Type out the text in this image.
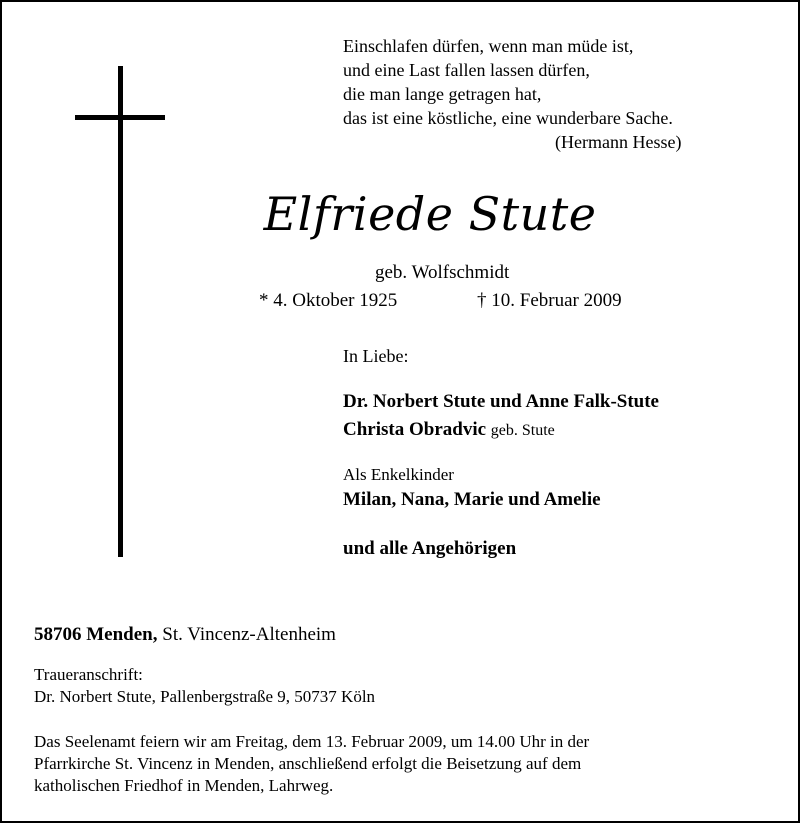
Einschlafen dürfen, wenn man müde ist,
und eine Last fallen lassen dürfen,
die man lange getragen hat,
das ist eine köstliche, eine wunderbare Sache.
(Hermann Hesse)
Elfriede Stute
geb. Wolfschmidt
* 4. Oktober 1925	† 10. Februar 2009
In Liebe:
Dr. Norbert Stute und Anne Falk-Stute
Christa Obradvic geb. Stute
Als Enkelkinder
Milan, Nana, Marie und Amelie
und alle Angehörigen
58706 Menden, St. Vincenz-Altenheim
Traueranschrift:
Dr. Norbert Stute, Pallenbergstraße 9, 50737 Köln
Das Seelenamt feiern wir am Freitag, dem 13. Februar 2009, um 14.00 Uhr in der
Pfarrkirche St. Vincenz in Menden, anschließend erfolgt die Beisetzung auf dem
katholischen Friedhof in Menden, Lahrweg.
